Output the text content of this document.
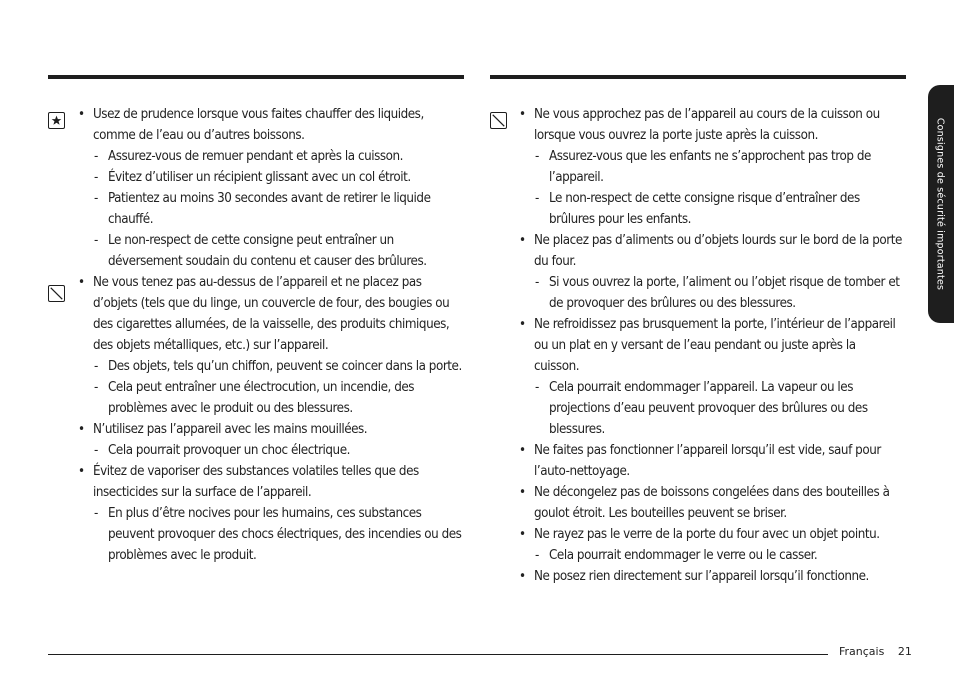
• Usez de prudence lorsque vous faites chauffer des liquides, comme de l’eau ou d’autres boissons.

- Assurez-vous de remuer pendant et après la cuisson.

- Évitez d’utiliser un récipient glissant avec un col étroit.

- Patientez au moins 30 secondes avant de retirer le liquide chauffé.

- Le non-respect de cette consigne peut entraîner un déversement soudain du contenu et causer des brûlures.

• Ne vous tenez pas au-dessus de l’appareil et ne placez pas d’objets (tels que du linge, un couvercle de four, des bougies ou des cigarettes allumées, de la vaisselle, des produits chimiques, des objets métalliques, etc.) sur l’appareil.

- Des objets, tels qu’un chiffon, peuvent se coincer dans la porte.

- Cela peut entraîner une électrocution, un incendie, des problèmes avec le produit ou des blessures.

• N’utilisez pas l’appareil avec les mains mouillées.

- Cela pourrait provoquer un choc électrique.

• Évitez de vaporiser des substances volatiles telles que des insecticides sur la surface de l’appareil.

- En plus d’être nocives pour les humains, ces substances peuvent provoquer des chocs électriques, des incendies ou des problèmes avec le produit.

• Ne vous approchez pas de l’appareil au cours de la cuisson ou lorsque vous ouvrez la porte juste après la cuisson.

- Assurez-vous que les enfants ne s’approchent pas trop de l’appareil.

- Le non-respect de cette consigne risque d’entraîner des brûlures pour les enfants.

• Ne placez pas d’aliments ou d’objets lourds sur le bord de la porte du four.

- Si vous ouvrez la porte, l’aliment ou l’objet risque de tomber et de provoquer des brûlures ou des blessures.

• Ne refroidissez pas brusquement la porte, l’intérieur de l’appareil ou un plat en y versant de l’eau pendant ou juste après la cuisson.

- Cela pourrait endommager l’appareil. La vapeur ou les projections d’eau peuvent provoquer des brûlures ou des blessures.

• Ne faites pas fonctionner l’appareil lorsqu’il est vide, sauf pour l’auto-nettoyage.

• Ne décongelez pas de boissons congelées dans des bouteilles à goulot étroit. Les bouteilles peuvent se briser.

• Ne rayez pas le verre de la porte du four avec un objet pointu.

- Cela pourrait endommager le verre ou le casser.

• Ne posez rien directement sur l’appareil lorsqu’il fonctionne.

Consignes de sécurité importantes
Français 21
